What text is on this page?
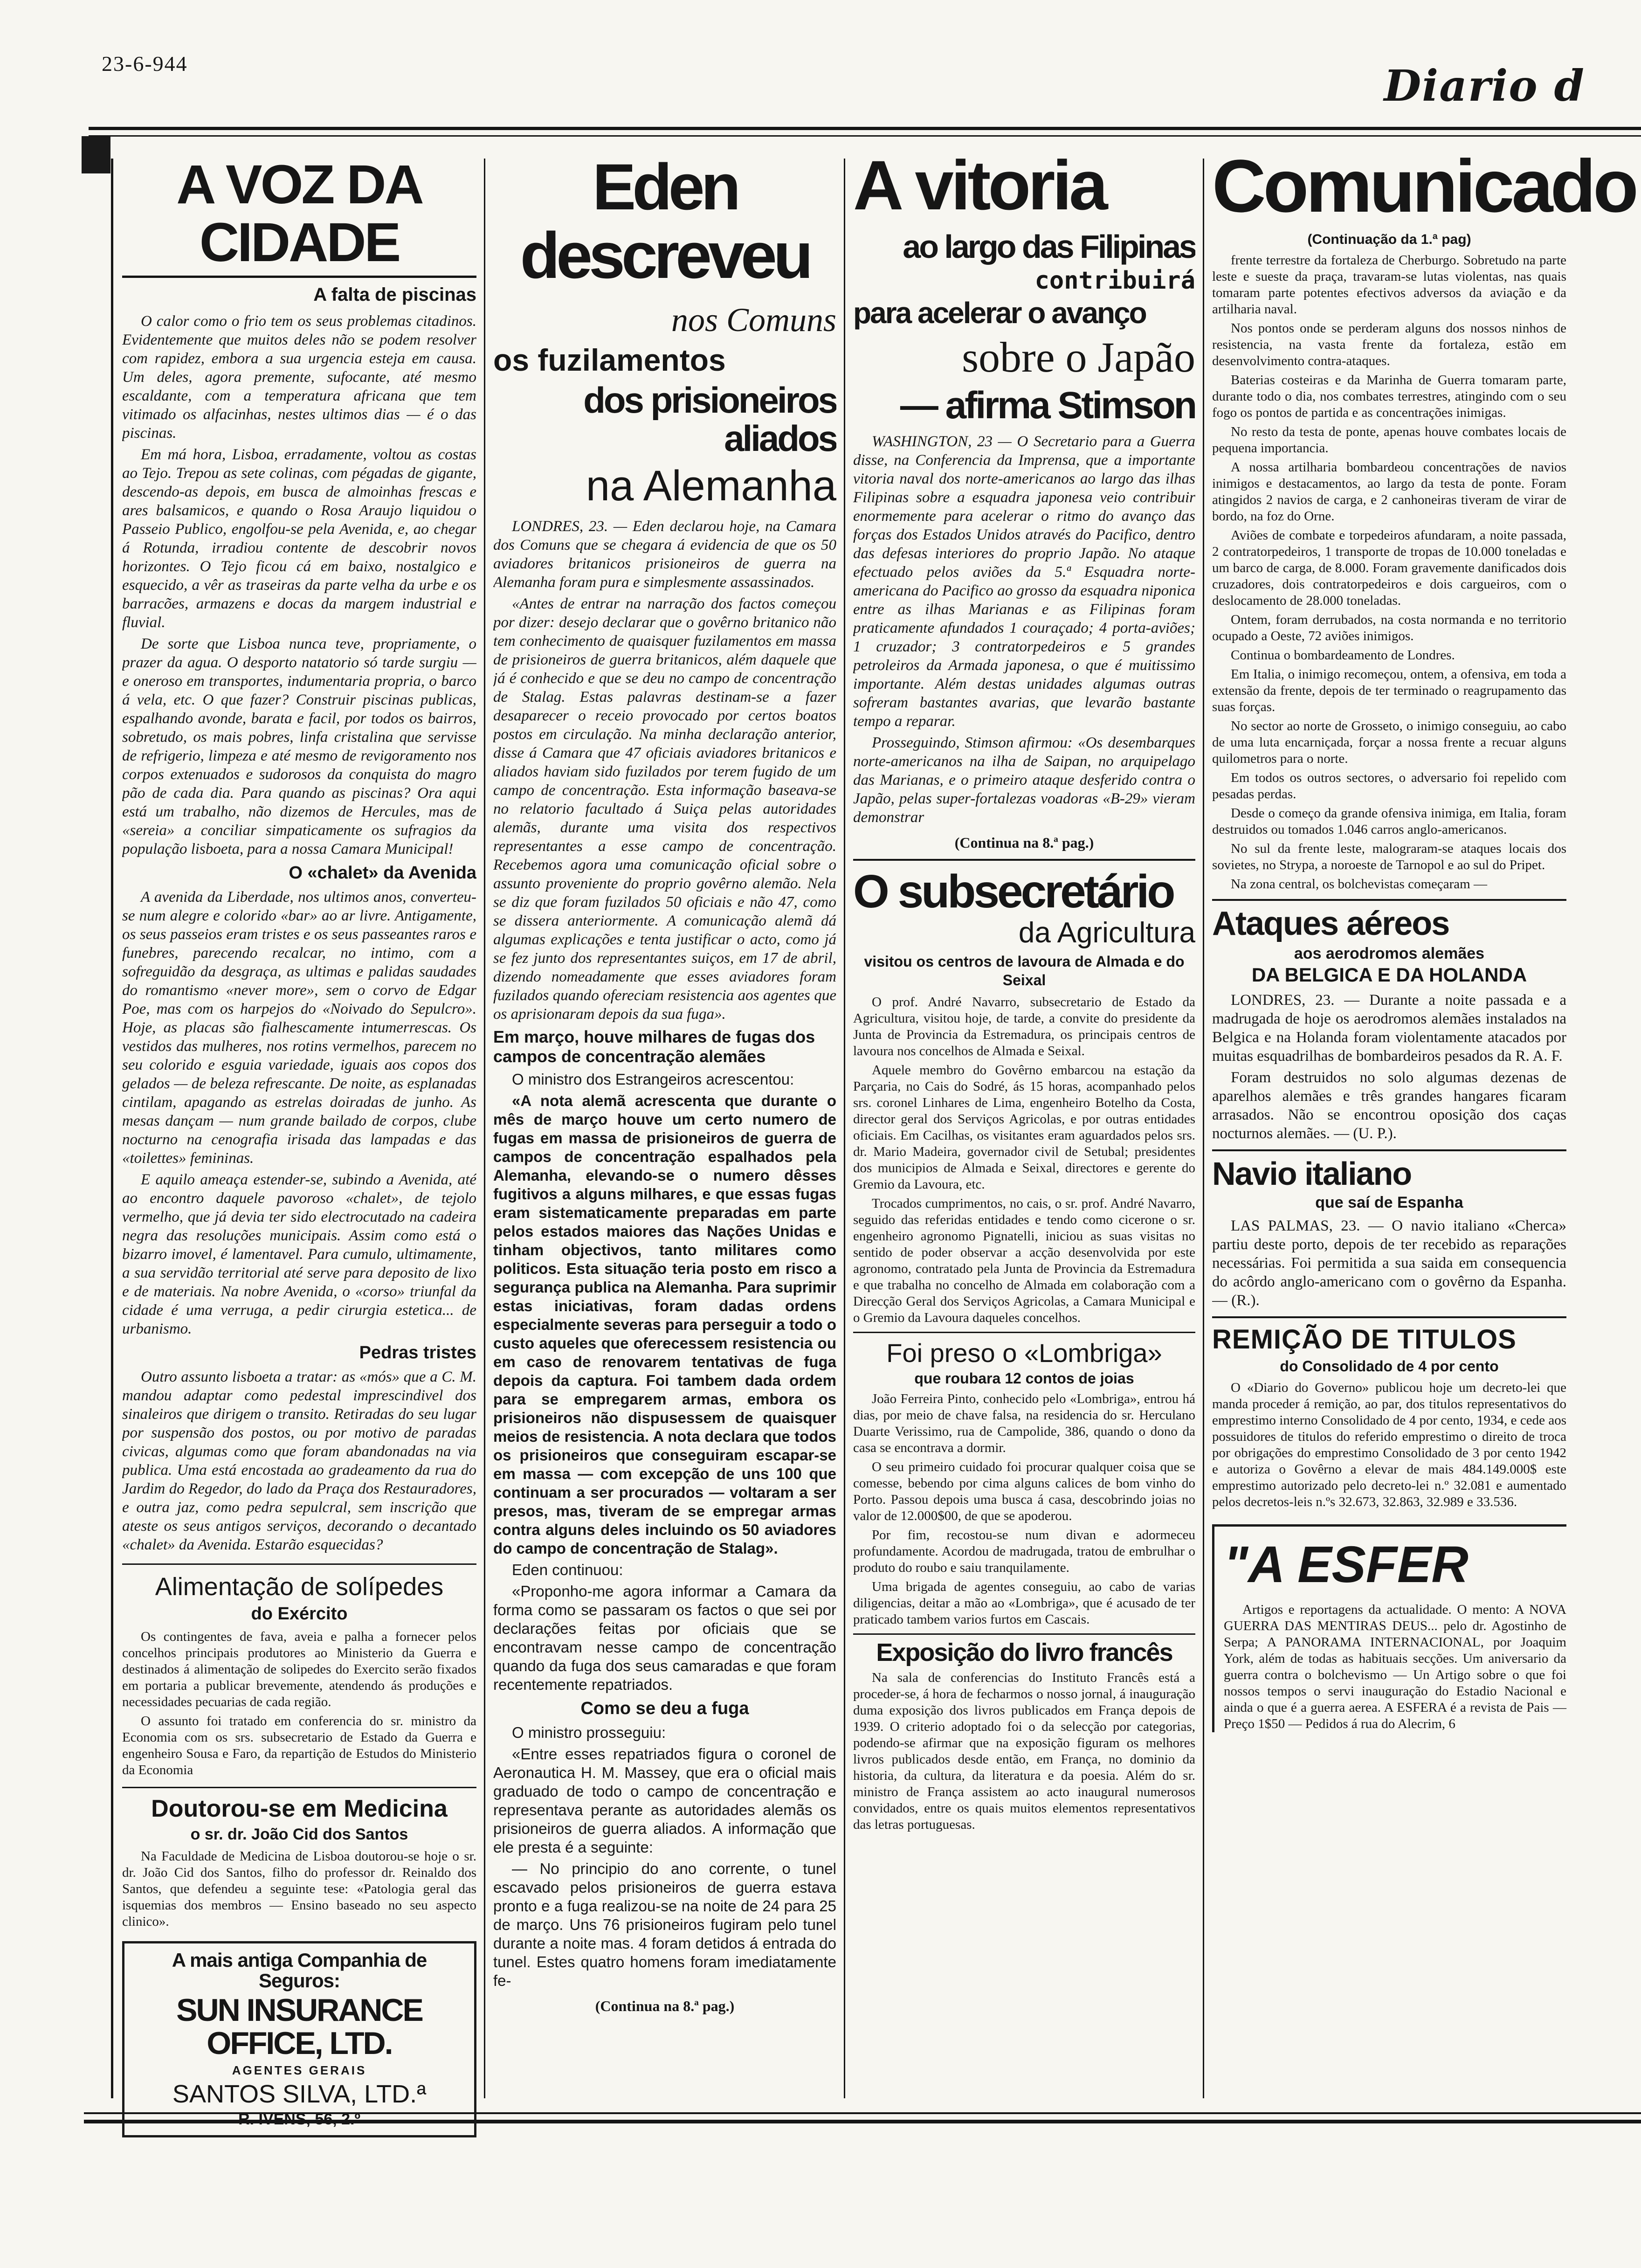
23-6-944	Diario d
A VOZ DA CIDADE
A falta de piscinas

O calor como o frio tem os seus problemas citadinos. Evidentemente que muitos deles não se podem resolver com rapidez, embora a sua urgencia esteja em causa. Um deles, agora premente, sufocante, até mesmo escaldante, com a temperatura africana que tem vitimado os alfacinhas, nestes ultimos dias — é o das piscinas.

Em má hora, Lisboa, erradamente, voltou as costas ao Tejo. Trepou as sete colinas, com pégadas de gigante, descendo-as depois, em busca de almoinhas frescas e ares balsamicos, e quando o Rosa Araujo liquidou o Passeio Publico, engolfou-se pela Avenida, e, ao chegar á Rotunda, irradiou contente de descobrir novos horizontes. O Tejo ficou cá em baixo, nostalgico e esquecido, a vêr as traseiras da parte velha da urbe e os barracões, armazens e docas da margem industrial e fluvial.

De sorte que Lisboa nunca teve, propriamente, o prazer da agua. O desporto natatorio só tarde surgiu — e oneroso em transportes, indumentaria propria, o barco á vela, etc. O que fazer? Construir piscinas publicas, espalhando avonde, barata e facil, por todos os bairros, sobretudo, os mais pobres, linfa cristalina que servisse de refrigerio, limpeza e até mesmo de revigoramento nos corpos extenuados e sudorosos da conquista do magro pão de cada dia. Para quando as piscinas? Ora aqui está um trabalho, não dizemos de Hercules, mas de «sereia» a conciliar simpaticamente os sufragios da população lisboeta, para a nossa Camara Municipal!

O «chalet» da Avenida

A avenida da Liberdade, nos ultimos anos, converteu-se num alegre e colorido «bar» ao ar livre. Antigamente, os seus passeios eram tristes e os seus passeantes raros e funebres, parecendo recalcar, no intimo, com a sofreguidão da desgraça, as ultimas e palidas saudades do romantismo «never more», sem o corvo de Edgar Poe, mas com os harpejos do «Noivado do Sepulcro». Hoje, as placas são fialhescamente intumerrescas. Os vestidos das mulheres, nos rotins vermelhos, parecem no seu colorido e esguia variedade, iguais aos copos dos gelados — de beleza refrescante. De noite, as esplanadas cintilam, apagando as estrelas doiradas de junho. As mesas dançam — num grande bailado de corpos, clube nocturno na cenografia irisada das lampadas e das «toilettes» femininas.

E aquilo ameaça estender-se, subindo a Avenida, até ao encontro daquele pavoroso «chalet», de tejolo vermelho, que já devia ter sido electrocutado na cadeira negra das resoluções municipais. Assim como está o bizarro imovel, é lamentavel. Para cumulo, ultimamente, a sua servidão territorial até serve para deposito de lixo e de materiais. Na nobre Avenida, o «corso» triunfal da cidade é uma verruga, a pedir cirurgia estetica... de urbanismo.

Pedras tristes

Outro assunto lisboeta a tratar: as «mós» que a C. M. mandou adaptar como pedestal imprescindivel dos sinaleiros que dirigem o transito. Retiradas do seu lugar por suspensão dos postos, ou por motivo de paradas civicas, algumas como que foram abandonadas na via publica. Uma está encostada ao gradeamento da rua do Jardim do Regedor, do lado da Praça dos Restauradores, e outra jaz, como pedra sepulcral, sem inscrição que ateste os seus antigos serviços, decorando o decantado «chalet» da Avenida. Estarão esquecidas?

Alimentação de solípedes
do Exército

Os contingentes de fava, aveia e palha a fornecer pelos concelhos principais produtores ao Ministerio da Guerra e destinados á alimentação de solipedes do Exercito serão fixados em portaria a publicar brevemente, atendendo ás produções e necessidades pecuarias de cada região.

O assunto foi tratado em conferencia do sr. ministro da Economia com os srs. subsecretario de Estado da Guerra e engenheiro Sousa e Faro, da repartição de Estudos do Ministerio da Economia

Doutorou-se em Medicina
o sr. dr. João Cid dos Santos

Na Faculdade de Medicina de Lisboa doutorou-se hoje o sr. dr. João Cid dos Santos, filho do professor dr. Reinaldo dos Santos, que defendeu a seguinte tese: «Patologia geral das isquemias dos membros — Ensino baseado no seu aspecto clinico».

A mais antiga Companhia de Seguros:
SUN INSURANCE OFFICE, LTD.
AGENTES GERAIS
SANTOS SILVA, LTD.ª
R. IVENS, 56, 2.º
Eden descreveu
nos Comuns
os fuzilamentos
dos prisioneiros aliados
na Alemanha

LONDRES, 23. — Eden declarou hoje, na Camara dos Comuns que se chegara á evidencia de que os 50 aviadores britanicos prisioneiros de guerra na Alemanha foram pura e simplesmente assassinados.

«Antes de entrar na narração dos factos começou por dizer: desejo declarar que o govêrno britanico não tem conhecimento de quaisquer fuzilamentos em massa de prisioneiros de guerra britanicos, além daquele que já é conhecido e que se deu no campo de concentração de Stalag. Estas palavras destinam-se a fazer desaparecer o receio provocado por certos boatos postos em circulação. Na minha declaração anterior, disse á Camara que 47 oficiais aviadores britanicos e aliados haviam sido fuzilados por terem fugido de um campo de concentração. Esta informação baseava-se no relatorio facultado á Suiça pelas autoridades alemãs, durante uma visita dos respectivos representantes a esse campo de concentração. Recebemos agora uma comunicação oficial sobre o assunto proveniente do proprio govêrno alemão. Nela se diz que foram fuzilados 50 oficiais e não 47, como se dissera anteriormente. A comunicação alemã dá algumas explicações e tenta justificar o acto, como já se fez junto dos representantes suiços, em 17 de abril, dizendo nomeadamente que esses aviadores foram fuzilados quando ofereciam resistencia aos agentes que os aprisionaram depois da sua fuga».

Em março, houve milhares de fugas dos campos de concentração alemães

O ministro dos Estrangeiros acrescentou:

«A nota alemã acrescenta que durante o mês de março houve um certo numero de fugas em massa de prisioneiros de guerra de campos de concentração espalhados pela Alemanha, elevando-se o numero dêsses fugitivos a alguns milhares, e que essas fugas eram sistematicamente preparadas em parte pelos estados maiores das Nações Unidas e tinham objectivos, tanto militares como politicos. Esta situação teria posto em risco a segurança publica na Alemanha. Para suprimir estas iniciativas, foram dadas ordens especialmente severas para perseguir a todo o custo aqueles que oferecessem resistencia ou em caso de renovarem tentativas de fuga depois da captura. Foi tambem dada ordem para se empregarem armas, embora os prisioneiros não dispusessem de quaisquer meios de resistencia. A nota declara que todos os prisioneiros que conseguiram escapar-se em massa — com excepção de uns 100 que continuam a ser procurados — voltaram a ser presos, mas, tiveram de se empregar armas contra alguns deles incluindo os 50 aviadores do campo de concentração de Stalag».

Eden continuou:

«Proponho-me agora informar a Camara da forma como se passaram os factos o que sei por declarações feitas por oficiais que se encontravam nesse campo de concentração quando da fuga dos seus camaradas e que foram recentemente repatriados.

Como se deu a fuga

O ministro prosseguiu:

«Entre esses repatriados figura o coronel de Aeronautica H. M. Massey, que era o oficial mais graduado de todo o campo de concentração e representava perante as autoridades alemãs os prisioneiros de guerra aliados. A informação que ele presta é a seguinte:

— No principio do ano corrente, o tunel escavado pelos prisioneiros de guerra estava pronto e a fuga realizou-se na noite de 24 para 25 de março. Uns 76 prisioneiros fugiram pelo tunel durante a noite mas. 4 foram detidos á entrada do tunel. Estes quatro homens foram imediatamente fe-

(Continua na 8.ª pag.)
A vitoria
ao largo das Filipinas
contribuirá
para acelerar o avanço
sobre o Japão
— afirma Stimson

WASHINGTON, 23 — O Secretario para a Guerra disse, na Conferencia da Imprensa, que a importante vitoria naval dos norte-americanos ao largo das ilhas Filipinas sobre a esquadra japonesa veio contribuir enormemente para acelerar o ritmo do avanço das forças dos Estados Unidos através do Pacifico, dentro das defesas interiores do proprio Japão. No ataque efectuado pelos aviões da 5.ª Esquadra norte-americana do Pacifico ao grosso da esquadra niponica entre as ilhas Marianas e as Filipinas foram praticamente afundados 1 couraçado; 4 porta-aviões; 1 cruzador; 3 contratorpedeiros e 5 grandes petroleiros da Armada japonesa, o que é muitissimo importante. Além destas unidades algumas outras sofreram bastantes avarias, que levarão bastante tempo a reparar.

Prosseguindo, Stimson afirmou: «Os desembarques norte-americanos na ilha de Saipan, no arquipelago das Marianas, e o primeiro ataque desferido contra o Japão, pelas super-fortalezas voadoras «B-29» vieram demonstrar

(Continua na 8.ª pag.)
O subsecretário
da Agricultura
visitou os centros de lavoura de Almada e do Seixal

O prof. André Navarro, subsecretario de Estado da Agricultura, visitou hoje, de tarde, a convite do presidente da Junta de Provincia da Estremadura, os principais centros de lavoura nos concelhos de Almada e Seixal.

Aquele membro do Govêrno embarcou na estação da Parçaria, no Cais do Sodré, ás 15 horas, acompanhado pelos srs. coronel Linhares de Lima, engenheiro Botelho da Costa, director geral dos Serviços Agricolas, e por outras entidades oficiais. Em Cacilhas, os visitantes eram aguardados pelos srs. dr. Mario Madeira, governador civil de Setubal; presidentes dos municipios de Almada e Seixal, directores e gerente do Gremio da Lavoura, etc.

Trocados cumprimentos, no cais, o sr. prof. André Navarro, seguido das referidas entidades e tendo como cicerone o sr. engenheiro agronomo Pignatelli, iniciou as suas visitas no sentido de poder observar a acção desenvolvida por este agronomo, contratado pela Junta de Provincia da Estremadura e que trabalha no concelho de Almada em colaboração com a Direcção Geral dos Serviços Agricolas, a Camara Municipal e o Gremio da Lavoura daqueles concelhos.

Foi preso o «Lombriga»
que roubara 12 contos de joias

João Ferreira Pinto, conhecido pelo «Lombriga», entrou há dias, por meio de chave falsa, na residencia do sr. Herculano Duarte Verissimo, rua de Campolide, 386, quando o dono da casa se encontrava a dormir.

O seu primeiro cuidado foi procurar qualquer coisa que se comesse, bebendo por cima alguns calices de bom vinho do Porto. Passou depois uma busca á casa, descobrindo joias no valor de 12.000$00, de que se apoderou.

Por fim, recostou-se num divan e adormeceu profundamente. Acordou de madrugada, tratou de embrulhar o produto do roubo e saiu tranquilamente.

Uma brigada de agentes conseguiu, ao cabo de varias diligencias, deitar a mão ao «Lombriga», que é acusado de ter praticado tambem varios furtos em Cascais.

Exposição do livro francês

Na sala de conferencias do Instituto Francês está a proceder-se, á hora de fecharmos o nosso jornal, á inauguração duma exposição dos livros publicados em França depois de 1939. O criterio adoptado foi o da selecção por categorias, podendo-se afirmar que na exposição figuram os melhores livros publicados desde então, em França, no dominio da historia, da cultura, da literatura e da poesia. Além do sr. ministro de França assistem ao acto inaugural numerosos convidados, entre os quais muitos elementos representativos das letras portuguesas.

Comunicado
(Continuação da 1.ª pag)

frente terrestre da fortaleza de Cherburgo. Sobretudo na parte leste e sueste da praça, travaram-se lutas violentas, nas quais tomaram parte potentes efectivos adversos da aviação e da artilharia naval.

Nos pontos onde se perderam alguns dos nossos ninhos de resistencia, na vasta frente da fortaleza, estão em desenvolvimento contra-ataques.

Baterias costeiras e da Marinha de Guerra tomaram parte, durante todo o dia, nos combates terrestres, atingindo com o seu fogo os pontos de partida e as concentrações inimigas.

No resto da testa de ponte, apenas houve combates locais de pequena importancia.

A nossa artilharia bombardeou concentrações de navios inimigos e destacamentos, ao largo da testa de ponte. Foram atingidos 2 navios de carga, e 2 canhoneiras tiveram de virar de bordo, na foz do Orne.

Aviões de combate e torpedeiros afundaram, a noite passada, 2 contratorpedeiros, 1 transporte de tropas de 10.000 toneladas e um barco de carga, de 8.000. Foram gravemente danificados dois cruzadores, dois contratorpedeiros e dois cargueiros, com o deslocamento de 28.000 toneladas.

Ontem, foram derrubados, na costa normanda e no territorio ocupado a Oeste, 72 aviões inimigos.

Continua o bombardeamento de Londres.

Em Italia, o inimigo recomeçou, ontem, a ofensiva, em toda a extensão da frente, depois de ter terminado o reagrupamento das suas forças.

No sector ao norte de Grosseto, o inimigo conseguiu, ao cabo de uma luta encarniçada, forçar a nossa frente a recuar alguns quilometros para o norte.

Em todos os outros sectores, o adversario foi repelido com pesadas perdas.

Desde o começo da grande ofensiva inimiga, em Italia, foram destruidos ou tomados 1.046 carros anglo-americanos.

No sul da frente leste, malograram-se ataques locais dos sovietes, no Strypa, a noroeste de Tarnopol e ao sul do Pripet.

Na zona central, os bolchevistas começaram —

Ataques aéreos
aos aerodromos alemães
DA BELGICA E DA HOLANDA

LONDRES, 23. — Durante a noite passada e a madrugada de hoje os aerodromos alemães instalados na Belgica e na Holanda foram violentamente atacados por muitas esquadrilhas de bombardeiros pesados da R. A. F.

Foram destruidos no solo algumas dezenas de aparelhos alemães e três grandes hangares ficaram arrasados. Não se encontrou oposição dos caças nocturnos alemães. — (U. P.).

Navio italiano
que saí de Espanha

LAS PALMAS, 23. — O navio italiano «Cherca» partiu deste porto, depois de ter recebido as reparações necessárias. Foi permitida a sua saida em consequencia do acôrdo anglo-americano com o govêrno da Espanha. — (R.).

REMIÇÃO DE TITULOS
do Consolidado de 4 por cento

O «Diario do Governo» publicou hoje um decreto-lei que manda proceder á remição, ao par, dos titulos representativos do emprestimo interno Consolidado de 4 por cento, 1934, e cede aos possuidores de titulos do referido emprestimo o direito de troca por obrigações do emprestimo Consolidado de 3 por cento 1942 e autoriza o Govêrno a elevar de mais 484.149.000$ este emprestimo autorizado pelo decreto-lei n.º 32.081 e aumentado pelos decretos-leis n.ºs 32.673, 32.863, 32.989 e 33.536.

"A ESFER

Artigos e reportagens da actualidade. O mento: A NOVA GUERRA DAS MENTIRAS DEUS... pelo dr. Agostinho de Serpa; A PANORAMA INTERNACIONAL, por Joaquim York, além de todas as habituais secções. Um aniversario da guerra contra o bolchevismo — Un Artigo sobre o que foi nossos tempos o servi inauguração do Estadio Nacional e ainda o que é a guerra aerea. A ESFERA é a revista de Pais — Preço 1$50 — Pedidos á rua do Alecrim, 6
